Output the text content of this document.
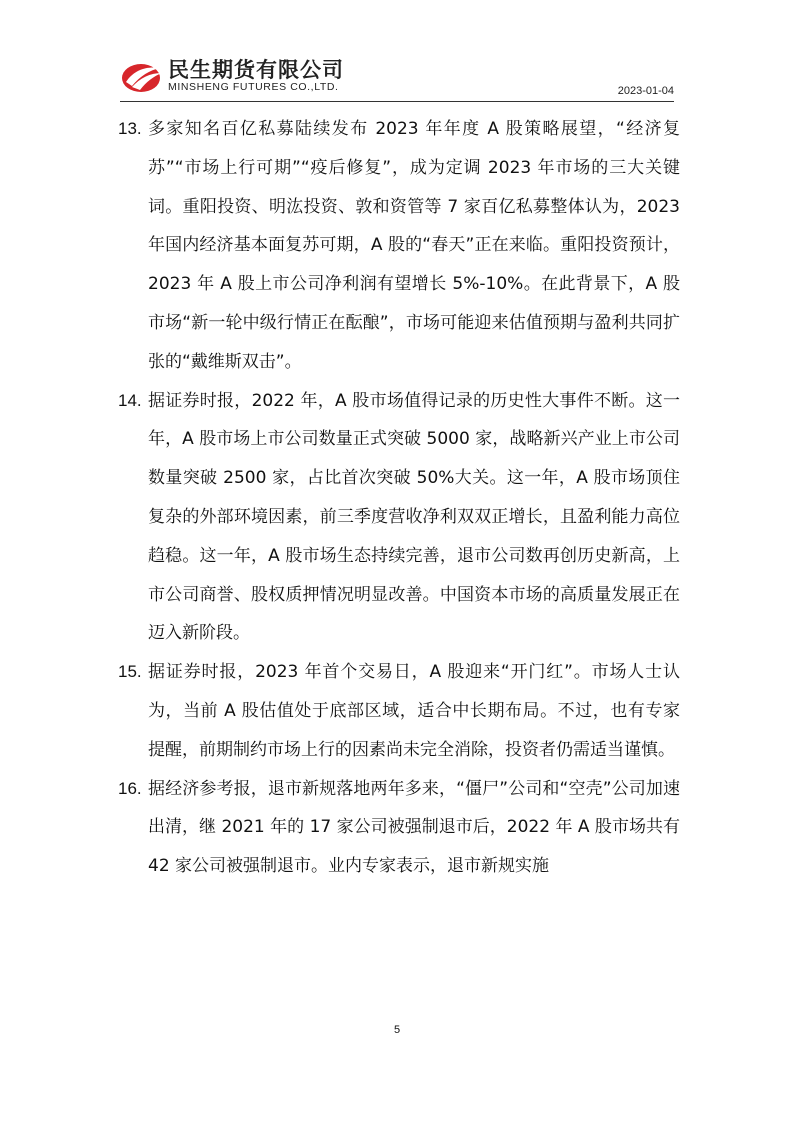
民生期货有限公司
MINSHENG FUTURES CO.,LTD.	2023-01-04
13. 多家知名百亿私募陆续发布 2023 年年度 A 股策略展望，“经济复苏”“市场上行可期”“疫后修复”，成为定调 2023 年市场的三大关键词。重阳投资、明汯投资、敦和资管等 7 家百亿私募整体认为，2023 年国内经济基本面复苏可期，A 股的“春天”正在来临。重阳投资预计，2023 年 A 股上市公司净利润有望增长 5%-10%。在此背景下，A 股市场“新一轮中级行情正在酝酿”，市场可能迎来估值预期与盈利共同扩张的“戴维斯双击”。
14. 据证券时报，2022 年，A 股市场值得记录的历史性大事件不断。这一年，A 股市场上市公司数量正式突破 5000 家，战略新兴产业上市公司数量突破 2500 家，占比首次突破 50%大关。这一年，A 股市场顶住复杂的外部环境因素，前三季度营收净利双双正增长，且盈利能力高位趋稳。这一年，A 股市场生态持续完善，退市公司数再创历史新高，上市公司商誉、股权质押情况明显改善。中国资本市场的高质量发展正在迈入新阶段。
15. 据证券时报，2023 年首个交易日，A 股迎来“开门红”。市场人士认为，当前 A 股估值处于底部区域，适合中长期布局。不过，也有专家提醒，前期制约市场上行的因素尚未完全消除，投资者仍需适当谨慎。
16. 据经济参考报，退市新规落地两年多来，“僵尸”公司和“空壳”公司加速出清，继 2021 年的 17 家公司被强制退市后，2022 年 A 股市场共有 42 家公司被强制退市。业内专家表示，退市新规实施
5
